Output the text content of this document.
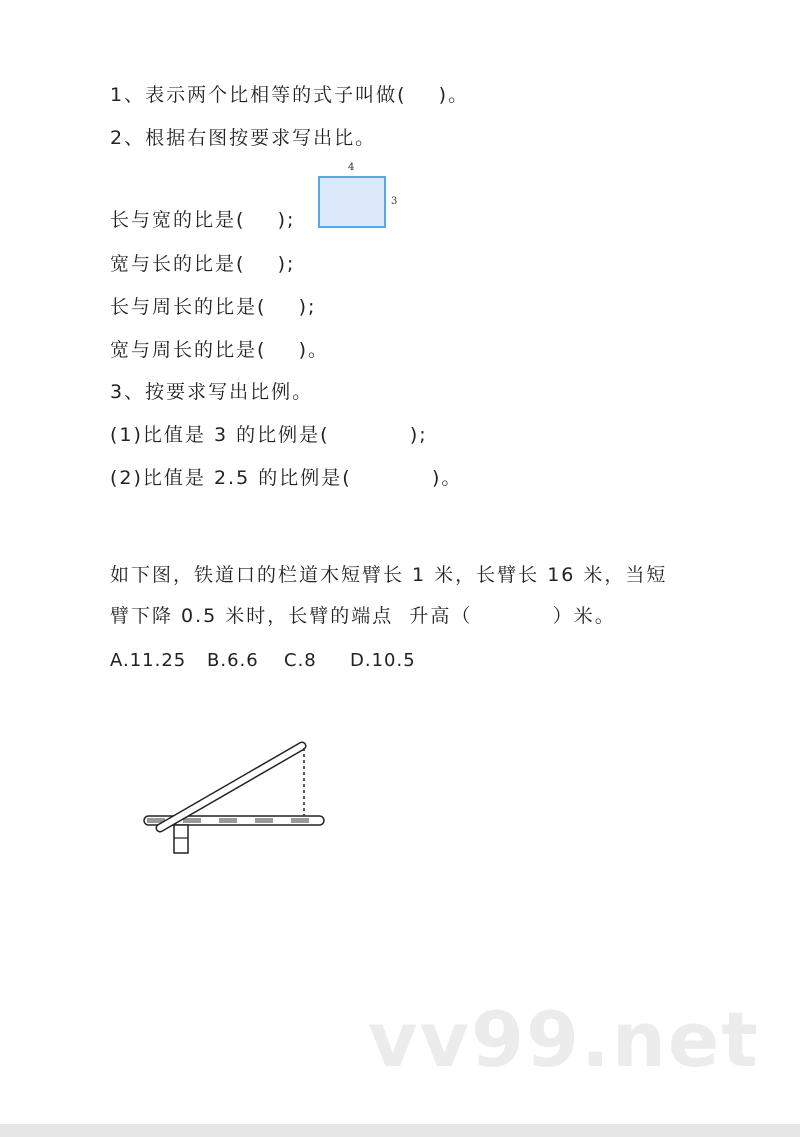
1、表示两个比相等的式子叫做(    )。
2、根据右图按要求写出比。
4
3
长与宽的比是(    );
宽与长的比是(    );
长与周长的比是(    );
宽与周长的比是(    )。
3、按要求写出比例。
(1)比值是 3 的比例是(          );
(2)比值是 2.5 的比例是(          )。
如下图，铁道口的栏道木短臂长 1 米，长臂长 16 米，当短
臂下降 0.5 米时，长臂的端点  升高（          ）米。
A.11.25 B.6.6 C.8 D.10.5
vv99.net
